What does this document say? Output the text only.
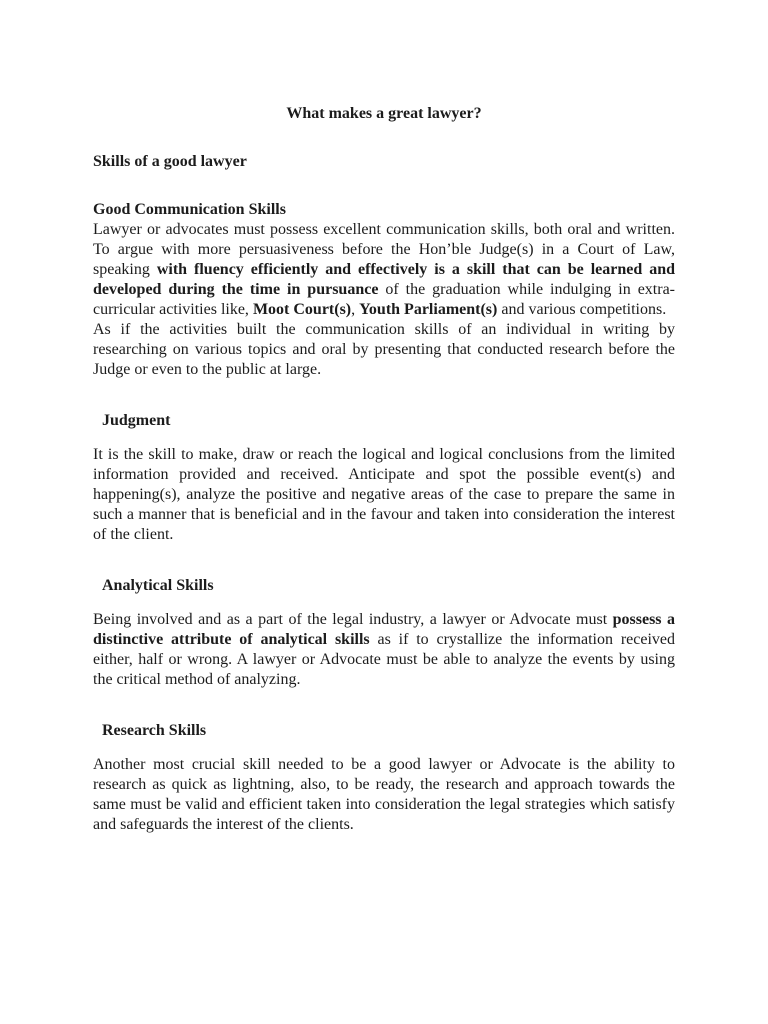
What makes a great lawyer?
Skills of a good lawyer
Good Communication Skills

Lawyer or advocates must possess excellent communication skills, both oral and written. To argue with more persuasiveness before the Hon’ble Judge(s) in a Court of Law, speaking with fluency efficiently and effectively is a skill that can be learned and developed during the time in pursuance of the graduation while indulging in extra-curricular activities like, Moot Court(s), Youth Parliament(s) and various competitions.

As if the activities built the communication skills of an individual in writing by researching on various topics and oral by presenting that conducted research before the Judge or even to the public at large.

Judgment

It is the skill to make, draw or reach the logical and logical conclusions from the limited information provided and received. Anticipate and spot the possible event(s) and happening(s), analyze the positive and negative areas of the case to prepare the same in such a manner that is beneficial and in the favour and taken into consideration the interest of the client.

Analytical Skills

Being involved and as a part of the legal industry, a lawyer or Advocate must possess a distinctive attribute of analytical skills as if to crystallize the information received either, half or wrong. A lawyer or Advocate must be able to analyze the events by using the critical method of analyzing.

Research Skills

Another most crucial skill needed to be a good lawyer or Advocate is the ability to research as quick as lightning, also, to be ready, the research and approach towards the same must be valid and efficient taken into consideration the legal strategies which satisfy and safeguards the interest of the clients.
